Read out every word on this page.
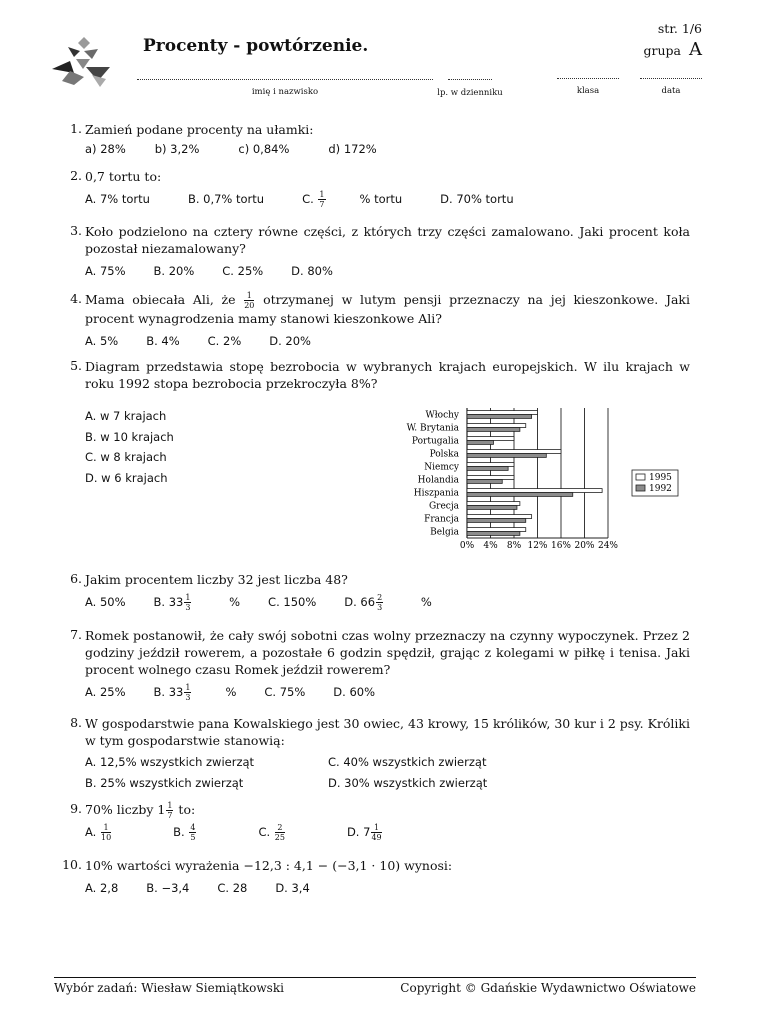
Procenty - powtórzenie.
str. 1/6
grupa A
imię i nazwisko	lp. w dzienniku	klasa	data
1. Zamień podane procenty na ułamki:
a) 28%	b) 3,2%	c) 0,84%	d) 172%
2. 0,7 tortu to:
A. 7% tortu	B. 0,7% tortu	C. $\frac{1}{7}$	% tortu	D. 70% tortu
3. Koło podzielono na cztery równe części, z których trzy części zamalowano. Jaki procent koła pozostał niezamalowany?
A. 75% B. 20% C. 25% D. 80%
4. Mama obiecała Ali, że $\frac{1}{20}$ otrzymanej w lutym pensji przeznaczy na jej kieszonkowe. Jaki procent wynagrodzenia mamy stanowi kieszonkowe Ali?
A. 5% B. 4% C. 2% D. 20%
5. Diagram przedstawia stopę bezrobocia w wybranych krajach europejskich. W ilu krajach w roku 1992 stopa bezrobocia przekroczyła 8%?
A. w 7 krajach
B. w 10 krajach
C. w 8 krajach
D. w 6 krajach
0% 4% 8% 12% 16% 20% 24%
Włochy
W. Brytania
Portugalia
Polska
Niemcy
Holandia
Hiszpania
Grecja
Francja
Belgia
1995
1992
6. Jakim procentem liczby 32 jest liczba 48?
A. 50% B. $33 \frac{1}{3}$	% C. 150% D. $66 \frac{2}{3}$	%
7. Romek postanowił, że cały swój sobotni czas wolny przeznaczy na czynny wypoczynek. Przez 2 godziny jeździł rowerem, a pozostałe 6 godzin spędził, grając z kolegami w piłkę i tenisa. Jaki procent wolnego czasu Romek jeździł rowerem?
A. 25% B. $33 \frac{1}{3}$	% C. 75% D. 60%
8. W gospodarstwie pana Kowalskiego jest 30 owiec, 43 krowy, 15 królików, 30 kur i 2 psy. Króliki w tym gospodarstwie stanowią:
A. 12,5% wszystkich zwierząt	C. 40% wszystkich zwierząt
B. 25% wszystkich zwierząt	D. 30% wszystkich zwierząt
9. 70% liczby $1 \frac{1}{7}$ to:
A. $\frac{1}{10}$	B. $\frac{4}{5}$	C. $\frac{2}{25}$	D. $7 \frac{1}{49}$
10. 10% wartości wyrażenia −12,3 : 4,1 − (−3,1 · 10) wynosi:
A. 2,8 B. −3,4 C. 28 D. 3,4
Wybór zadań: Wiesław Siemiątkowski	Copyright © Gdańskie Wydawnictwo Oświatowe
